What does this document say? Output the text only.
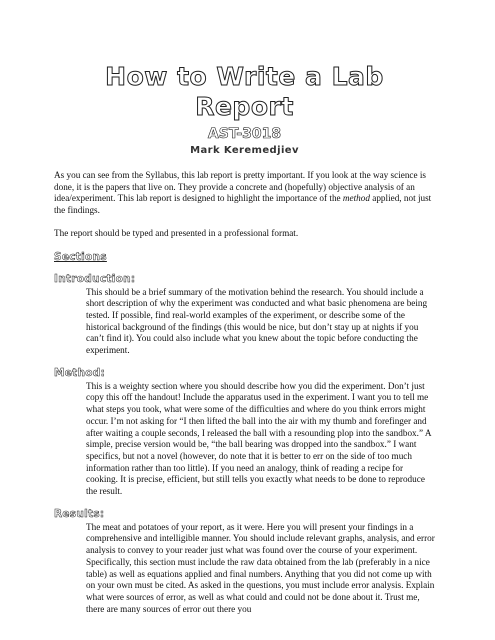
How to Write a Lab Report
AST-3018
Mark Keremedjiev

As you can see from the Syllabus, this lab report is pretty important. If you look at the way science is done, it is the papers that live on. They provide a concrete and (hopefully) objective analysis of an idea/experiment. This lab report is designed to highlight the importance of the method applied, not just the findings.

The report should be typed and presented in a professional format.

Sections
Introduction:

This should be a brief summary of the motivation behind the research. You should include a short description of why the experiment was conducted and what basic phenomena are being tested. If possible, find real-world examples of the experiment, or describe some of the historical background of the findings (this would be nice, but don’t stay up at nights if you can’t find it). You could also include what you knew about the topic before conducting the experiment.

Method:

This is a weighty section where you should describe how you did the experiment. Don’t just copy this off the handout! Include the apparatus used in the experiment. I want you to tell me what steps you took, what were some of the difficulties and where do you think errors might occur. I’m not asking for “I then lifted the ball into the air with my thumb and forefinger and after waiting a couple seconds, I released the ball with a resounding plop into the sandbox.” A simple, precise version would be, “the ball bearing was dropped into the sandbox.” I want specifics, but not a novel (however, do note that it is better to err on the side of too much information rather than too little). If you need an analogy, think of reading a recipe for cooking. It is precise, efficient, but still tells you exactly what needs to be done to reproduce the result.

Results:

The meat and potatoes of your report, as it were. Here you will present your findings in a comprehensive and intelligible manner. You should include relevant graphs, analysis, and error analysis to convey to your reader just what was found over the course of your experiment. Specifically, this section must include the raw data obtained from the lab (preferably in a nice table) as well as equations applied and final numbers. Anything that you did not come up with on your own must be cited. As asked in the questions, you must include error analysis. Explain what were sources of error, as well as what could and could not be done about it. Trust me, there are many sources of error out there you
